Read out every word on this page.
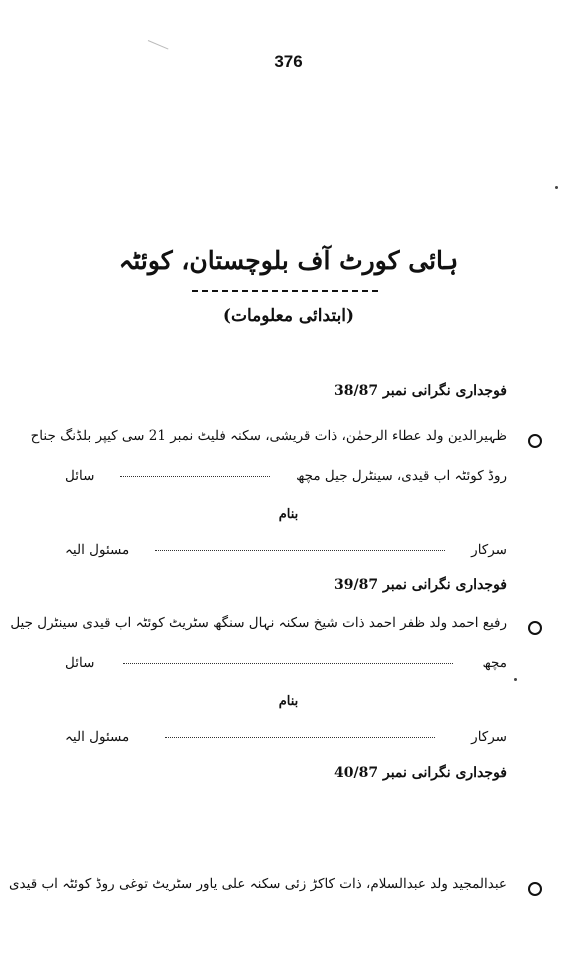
376
ہائی کورٹ آف بلوچستان، کوئٹہ
(ابتدائی معلومات)
فوجداری نگرانی نمبر 38/87
ظہیرالدین ولد عطاء الرحمٰن، ذات قریشی، سکنہ فلیٹ نمبر 21 سی کیپر بلڈنگ جناح
روڈ کوئٹہ اب قیدی، سینٹرل جیل مچھ
سائل
بنام
سرکار
مسئول الیہ
فوجداری نگرانی نمبر 39/87
رفیع احمد ولد ظفر احمد ذات شیخ سکنہ نہال سنگھ سٹریٹ کوئٹہ اب قیدی سینٹرل جیل
مچھ
سائل
بنام
سرکار
مسئول الیہ
فوجداری نگرانی نمبر 40/87
عبدالمجید ولد عبدالسلام، ذات کاکڑ زئی سکنہ علی یاور سٹریٹ توغی روڈ کوئٹہ اب قیدی
